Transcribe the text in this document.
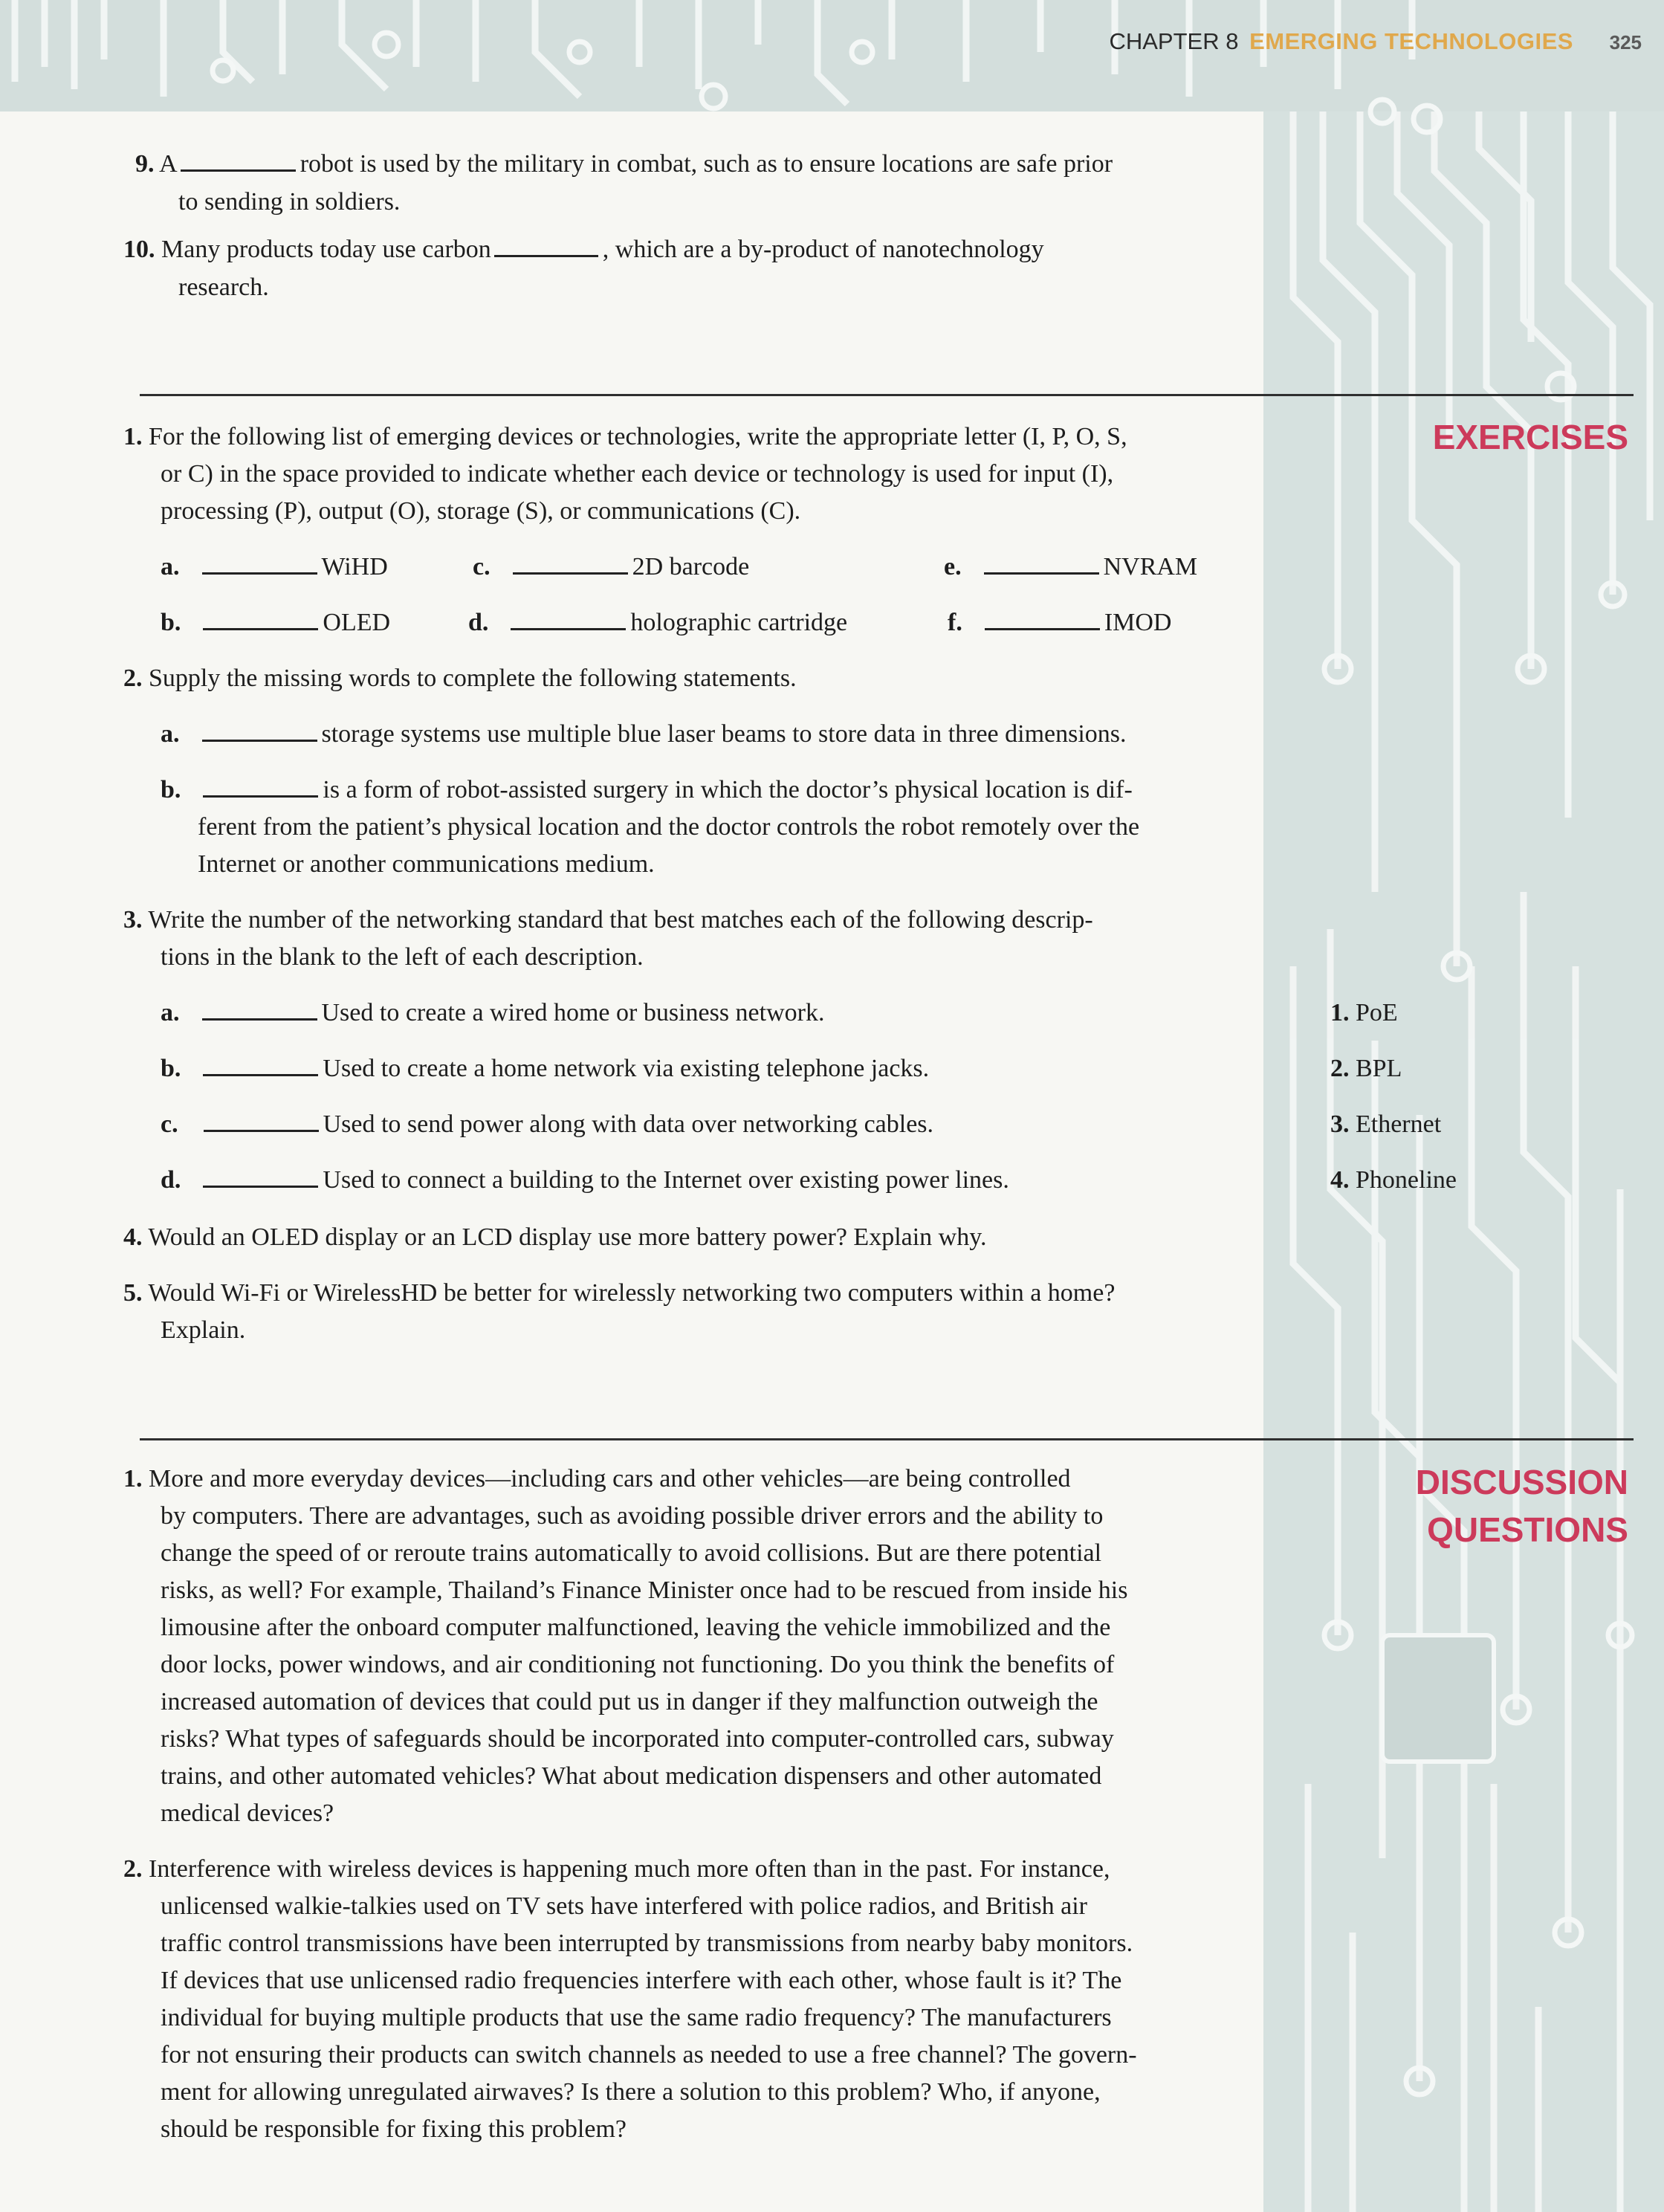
CHAPTER 8 EMERGING TECHNOLOGIES 325
9. A	robot is used by the military in combat, such as to ensure locations are safe prior
to sending in soldiers.
10. Many products today use carbon	, which are a by-product of nanotechnology
research.
EXERCISES
1. For the following list of emerging devices or technologies, write the appropriate letter (I, P, O, S,
or C) in the space provided to indicate whether each device or technology is used for input (I),
processing (P), output (O), storage (S), or communications (C).
a.	WiHD	c.	2D barcode	e.	NVRAM
b.	OLED	d.	holographic cartridge	f.	IMOD
2. Supply the missing words to complete the following statements.
a.	storage systems use multiple blue laser beams to store data in three dimensions.
b.	is a form of robot-assisted surgery in which the doctor’s physical location is dif-
ferent from the patient’s physical location and the doctor controls the robot remotely over the
Internet or another communications medium.
3. Write the number of the networking standard that best matches each of the following descrip-
tions in the blank to the left of each description.
a.	Used to create a wired home or business network.
b.	Used to create a home network via existing telephone jacks.
c.	Used to send power along with data over networking cables.
d.	Used to connect a building to the Internet over existing power lines.
1. PoE
2. BPL
3. Ethernet
4. Phoneline
4. Would an OLED display or an LCD display use more battery power? Explain why.
5. Would Wi-Fi or WirelessHD be better for wirelessly networking two computers within a home?
Explain.
DISCUSSION
QUESTIONS
1. More and more everyday devices—including cars and other vehicles—are being controlled
by computers. There are advantages, such as avoiding possible driver errors and the ability to
change the speed of or reroute trains automatically to avoid collisions. But are there potential
risks, as well? For example, Thailand’s Finance Minister once had to be rescued from inside his
limousine after the onboard computer malfunctioned, leaving the vehicle immobilized and the
door locks, power windows, and air conditioning not functioning. Do you think the benefits of
increased automation of devices that could put us in danger if they malfunction outweigh the
risks? What types of safeguards should be incorporated into computer-controlled cars, subway
trains, and other automated vehicles? What about medication dispensers and other automated
medical devices?
2. Interference with wireless devices is happening much more often than in the past. For instance,
unlicensed walkie-talkies used on TV sets have interfered with police radios, and British air
traffic control transmissions have been interrupted by transmissions from nearby baby monitors.
If devices that use unlicensed radio frequencies interfere with each other, whose fault is it? The
individual for buying multiple products that use the same radio frequency? The manufacturers
for not ensuring their products can switch channels as needed to use a free channel? The govern-
ment for allowing unregulated airwaves? Is there a solution to this problem? Who, if anyone,
should be responsible for fixing this problem?
